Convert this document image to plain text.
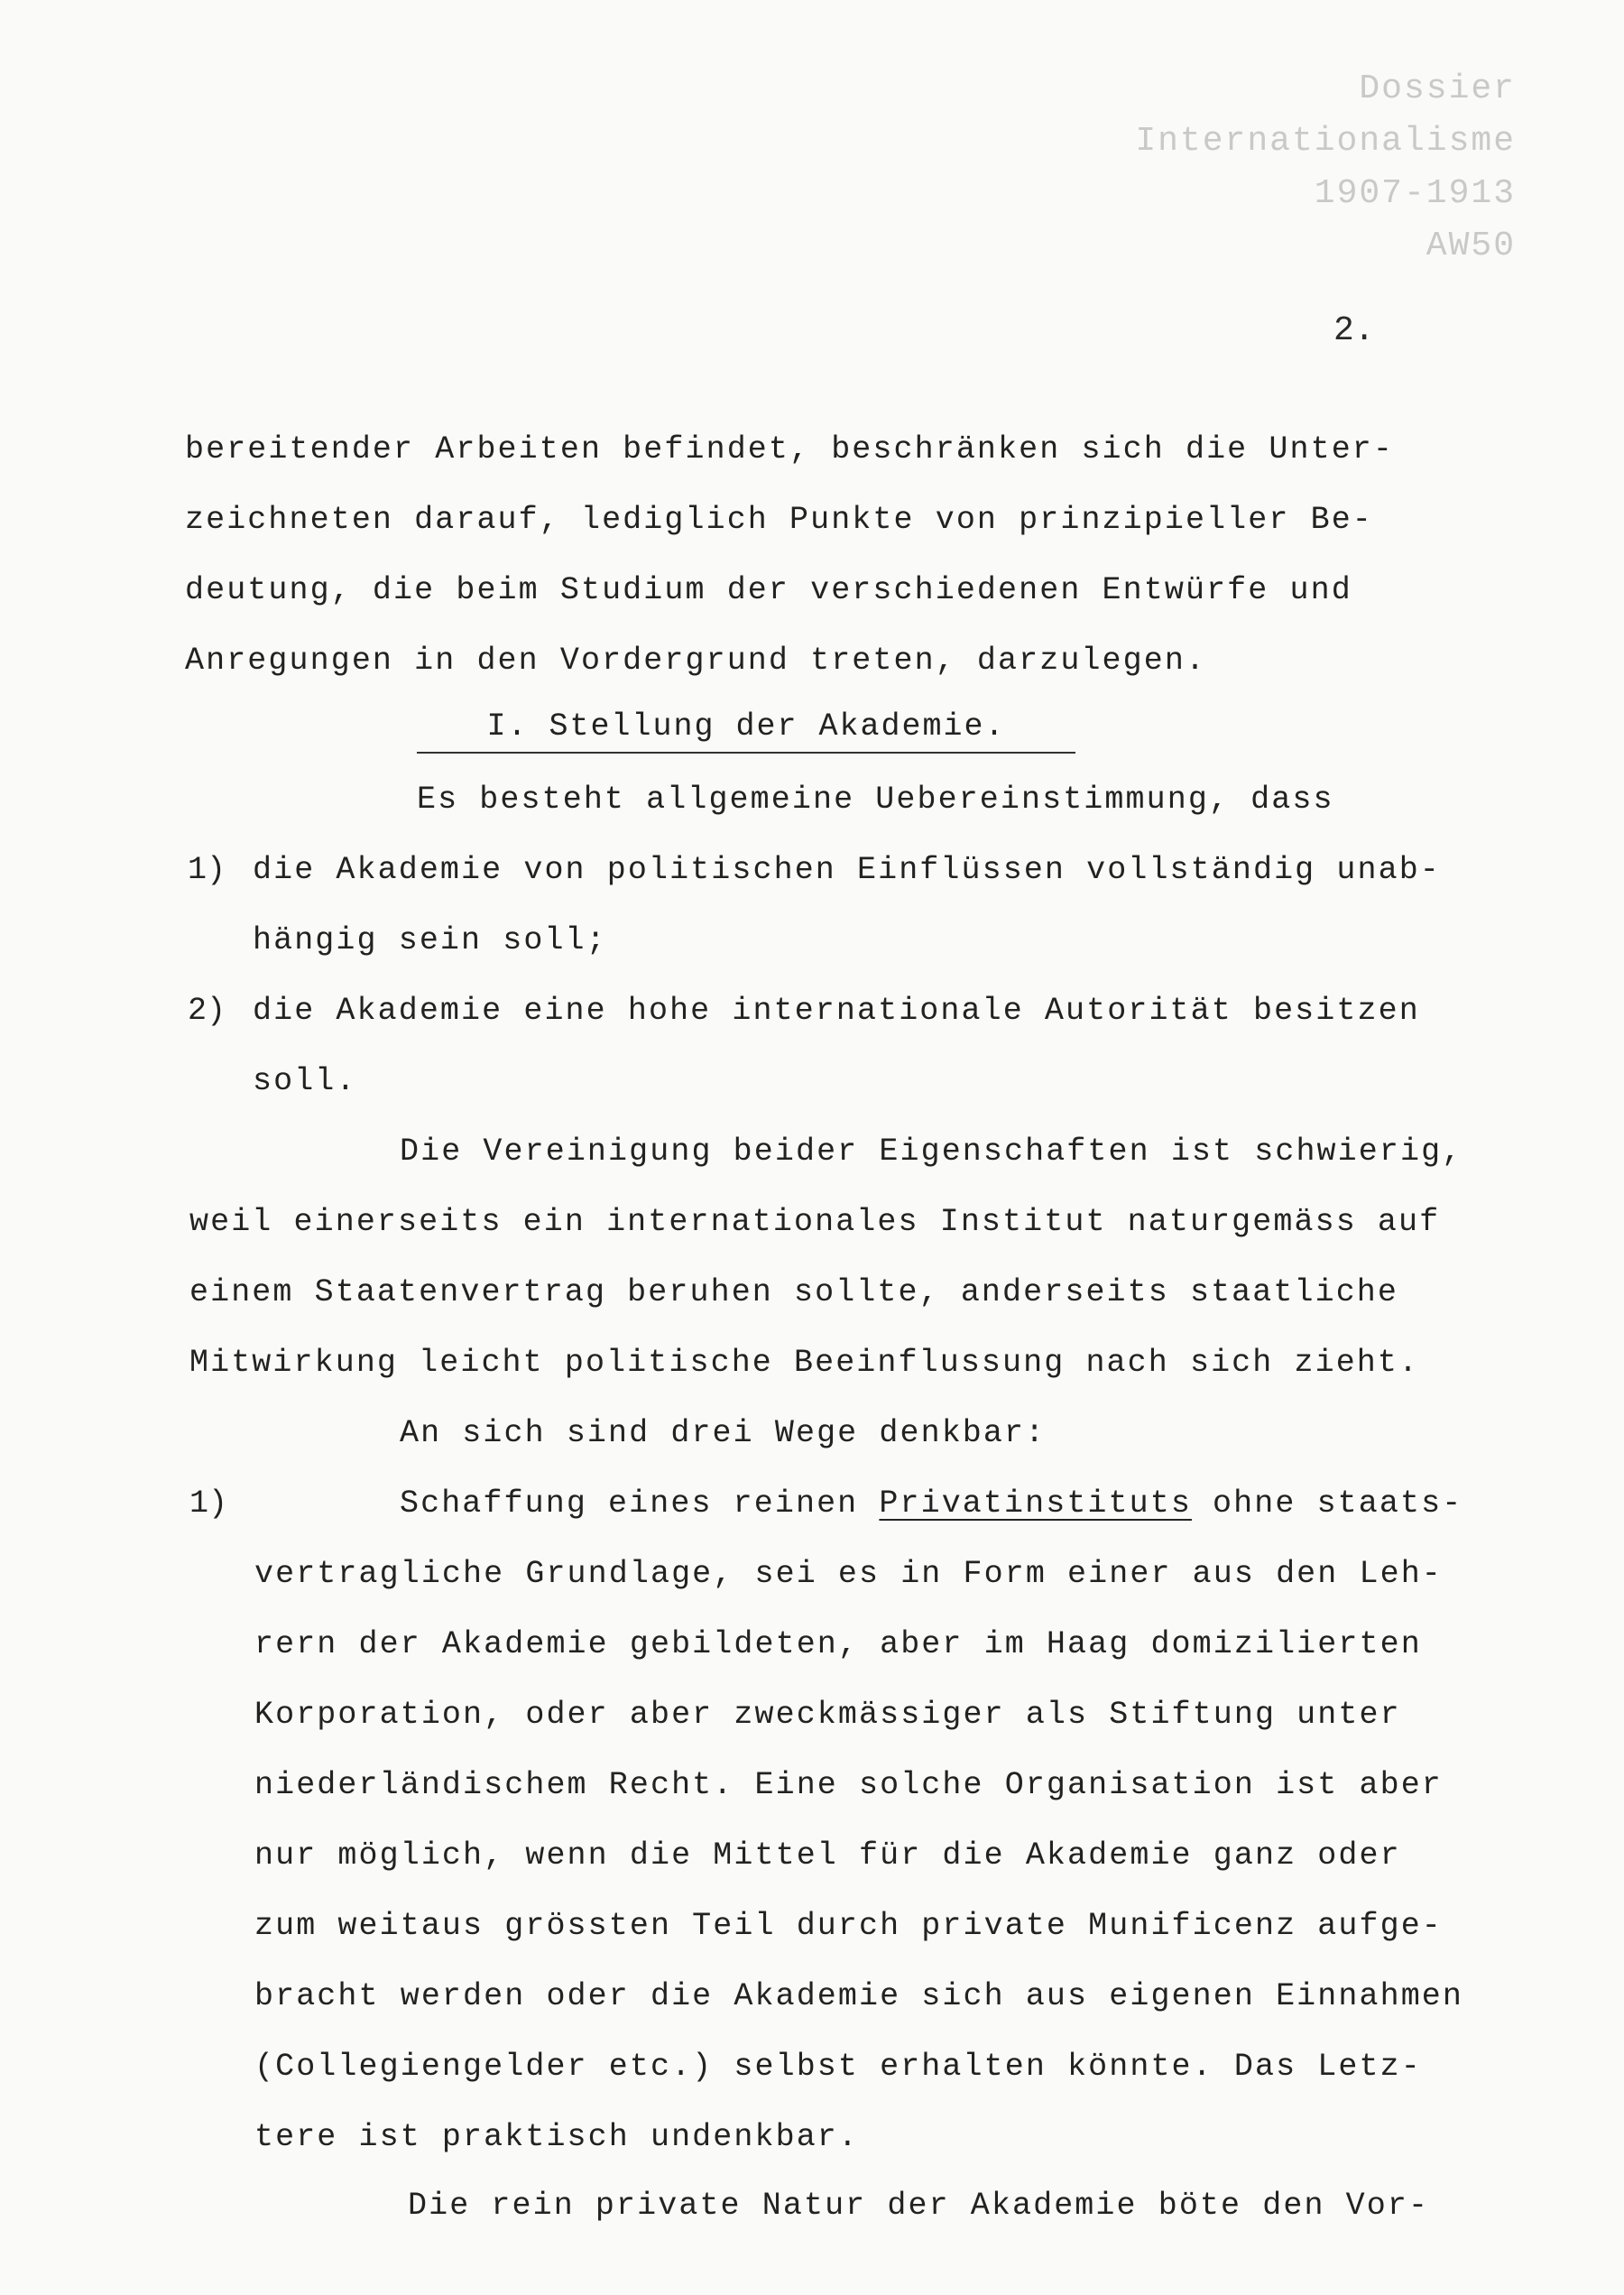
Dossier
Internationalisme
1907-1913
AW50
2.
bereitender Arbeiten befindet, beschränken sich die Unter-
zeichneten darauf, lediglich Punkte von prinzipieller Be-
deutung, die beim Studium der verschiedenen Entwürfe und
Anregungen in den Vordergrund treten, darzulegen.
I. Stellung der Akademie.
Es besteht allgemeine Uebereinstimmung, dass
1) die Akademie von politischen Einflüssen vollständig unab-
hängig sein soll;
2) die Akademie eine hohe internationale Autorität besitzen
soll.
Die Vereinigung beider Eigenschaften ist schwierig,
weil einerseits ein internationales Institut naturgemäss auf
einem Staatenvertrag beruhen sollte, anderseits staatliche
Mitwirkung leicht politische Beeinflussung nach sich zieht.
An sich sind drei Wege denkbar:
1)	Schaffung eines reinen Privatinstituts ohne staats-
vertragliche Grundlage, sei es in Form einer aus den Leh-
rern der Akademie gebildeten, aber im Haag domizilierten
Korporation, oder aber zweckmässiger als Stiftung unter
niederländischem Recht. Eine solche Organisation ist aber
nur möglich, wenn die Mittel für die Akademie ganz oder
zum weitaus grössten Teil durch private Munificenz aufge-
bracht werden oder die Akademie sich aus eigenen Einnahmen
(Collegiengelder etc.) selbst erhalten könnte. Das Letz-
tere ist praktisch undenkbar.
Die rein private Natur der Akademie böte den Vor-
